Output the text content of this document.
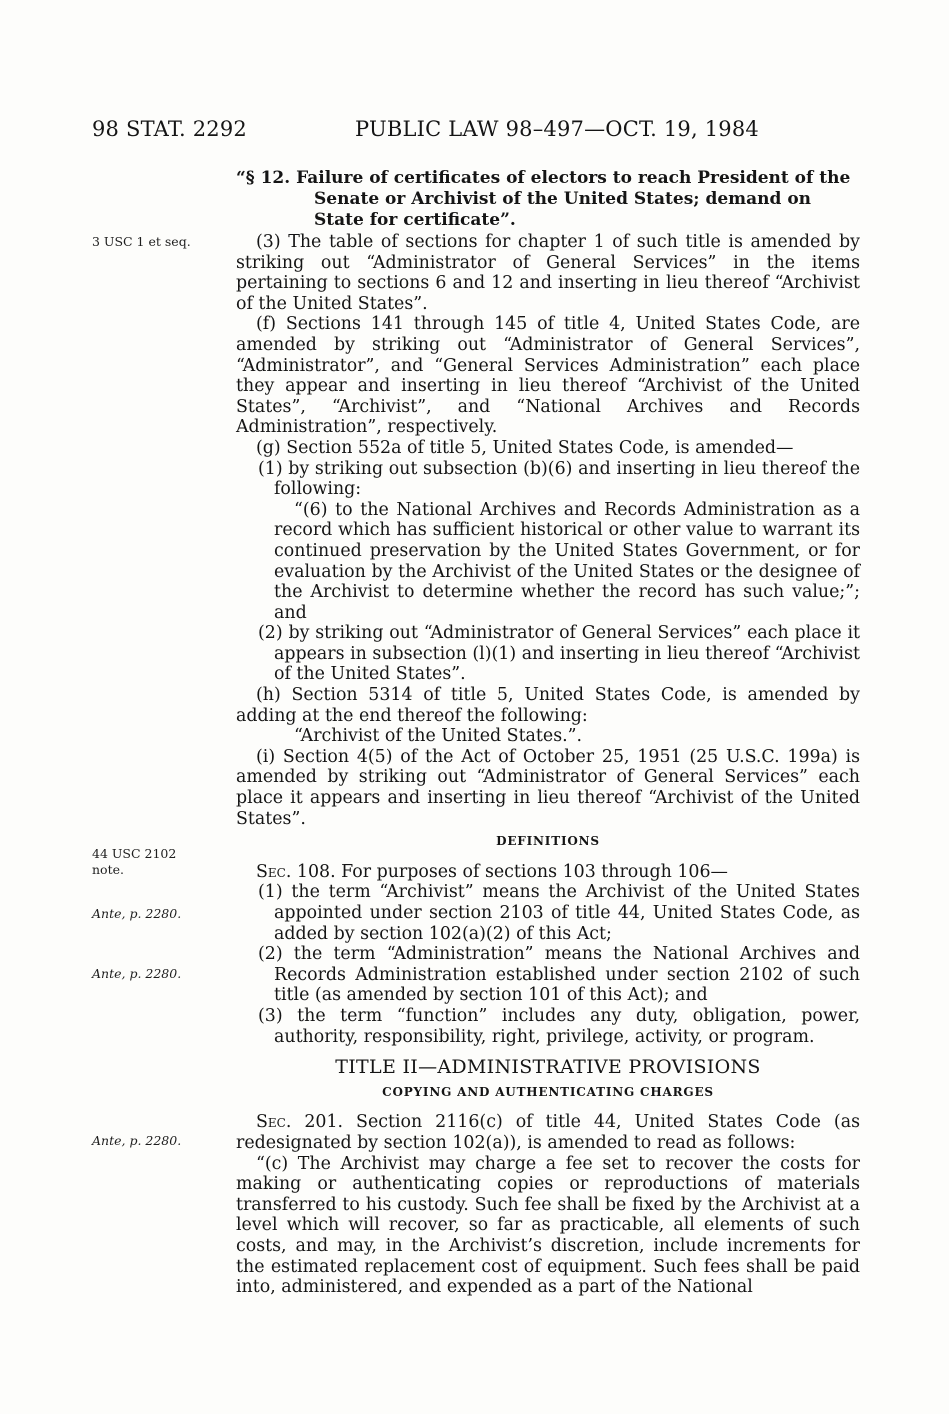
98 STAT. 2292	PUBLIC LAW 98–497—OCT. 19, 1984
“§ 12. Failure of certificates of electors to reach President of the Senate or Archivist of the United States; demand on State for certificate”.
3 USC 1 et seq.
44 USC 2102
note.
Ante, p. 2280.
Ante, p. 2280.
Ante, p. 2280.

(3) The table of sections for chapter 1 of such title is amended by striking out “Administrator of General Services” in the items pertaining to sections 6 and 12 and inserting in lieu thereof “Archivist of the United States”.

(f) Sections 141 through 145 of title 4, United States Code, are amended by striking out “Administrator of General Services”, “Administrator”, and “General Services Administration” each place they appear and inserting in lieu thereof “Archivist of the United States”, “Archivist”, and “National Archives and Records Administration”, respectively.

(g) Section 552a of title 5, United States Code, is amended—

(1) by striking out subsection (b)(6) and inserting in lieu thereof the following:

“(6) to the National Archives and Records Administration as a record which has sufficient historical or other value to warrant its continued preservation by the United States Government, or for evaluation by the Archivist of the United States or the designee of the Archivist to determine whether the record has such value;”; and

(2) by striking out “Administrator of General Services” each place it appears in subsection (l)(1) and inserting in lieu thereof “Archivist of the United States”.

(h) Section 5314 of title 5, United States Code, is amended by adding at the end thereof the following:

“Archivist of the United States.”.

(i) Section 4(5) of the Act of October 25, 1951 (25 U.S.C. 199a) is amended by striking out “Administrator of General Services” each place it appears and inserting in lieu thereof “Archivist of the United States”.

DEFINITIONS

Sec. 108. For purposes of sections 103 through 106—

(1) the term “Archivist” means the Archivist of the United States appointed under section 2103 of title 44, United States Code, as added by section 102(a)(2) of this Act;

(2) the term “Administration” means the National Archives and Records Administration established under section 2102 of such title (as amended by section 101 of this Act); and

(3) the term “function” includes any duty, obligation, power, authority, responsibility, right, privilege, activity, or program.

TITLE II—ADMINISTRATIVE PROVISIONS

COPYING AND AUTHENTICATING CHARGES

Sec. 201. Section 2116(c) of title 44, United States Code (as redesignated by section 102(a)), is amended to read as follows:

“(c) The Archivist may charge a fee set to recover the costs for making or authenticating copies or reproductions of materials transferred to his custody. Such fee shall be fixed by the Archivist at a level which will recover, so far as practicable, all elements of such costs, and may, in the Archivist’s discretion, include increments for the estimated replacement cost of equipment. Such fees shall be paid into, administered, and expended as a part of the National
